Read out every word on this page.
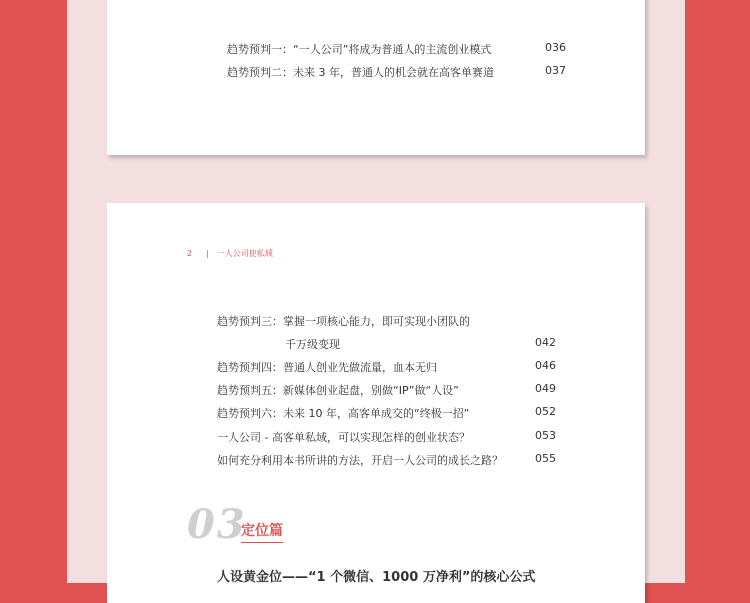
趋势预判一：“一人公司”将成为普通人的主流创业模式	036
趋势预判二：未来 3 年，普通人的机会就在高客单赛道	037
2 | 一人公司使私域
趋势预判三：掌握一项核心能力，即可实现小团队的
千万级变现	042
趋势预判四：普通人创业先做流量，血本无归	046
趋势预判五：新媒体创业起盘，别做“IP”做“人设”	049
趋势预判六：未来 10 年，高客单成交的“终极一招”	052
一人公司 - 高客单私域，可以实现怎样的创业状态？	053
如何充分利用本书所讲的方法，开启一人公司的成长之路？	055
03
定位篇
人设黄金位——“1 个微信、1000 万净利”的核心公式
